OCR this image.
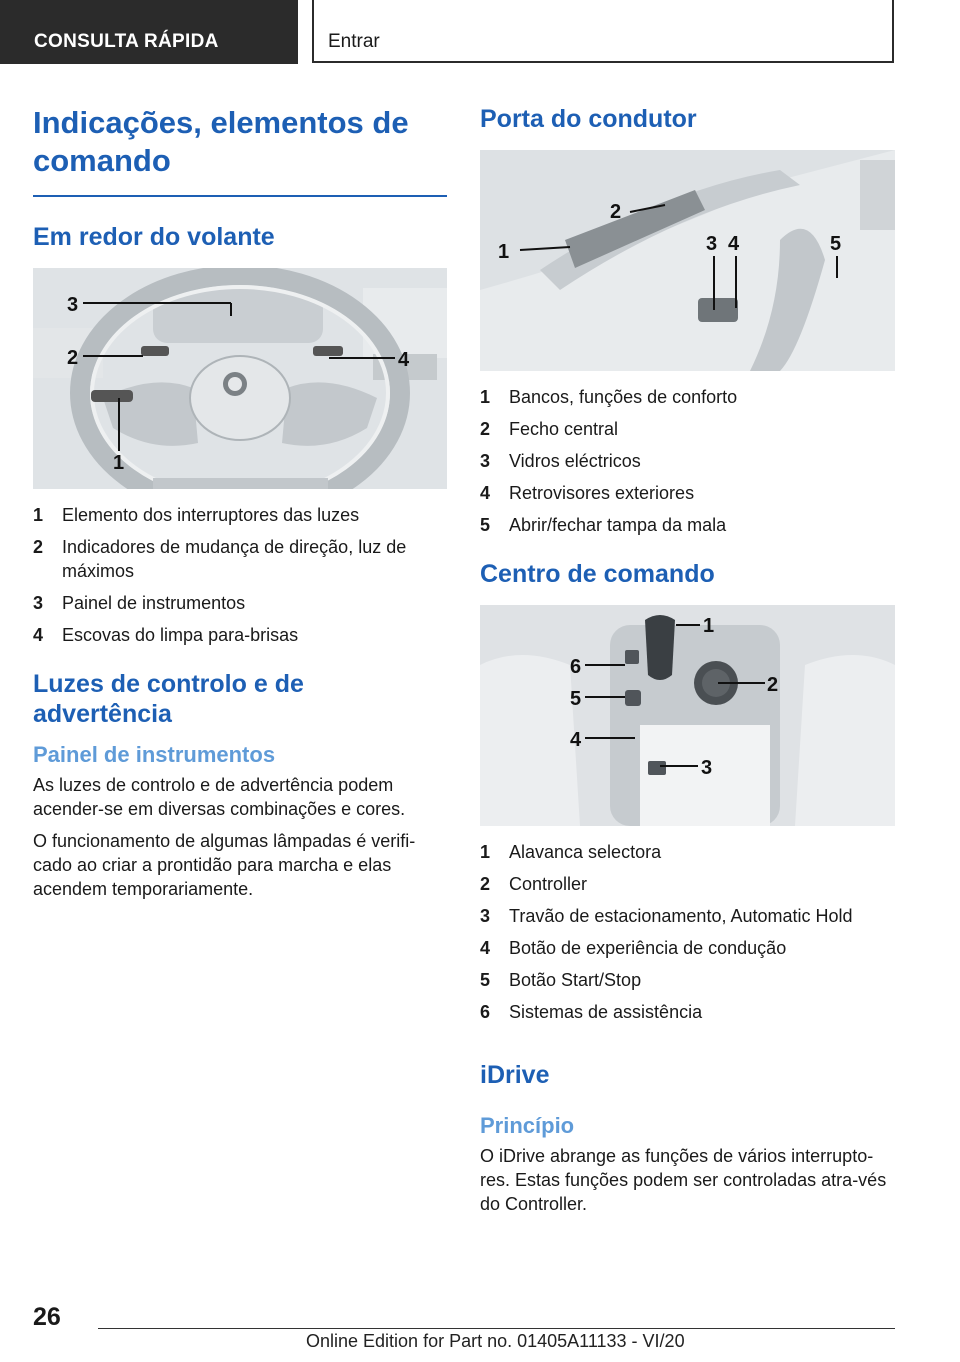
CONSULTA RÁPIDA	Entrar
Indicações, elementos de comando
Em redor do volante
3
2	4
1
1 Elemento dos interruptores das luzes
2 Indicadores de mudança de direção, luz de máximos
3 Painel de instrumentos
4 Escovas do limpa para-brisas
Luzes de controlo e de advertência
Painel de instrumentos

As luzes de controlo e de advertência podem acender-se em diversas combinações e cores.

O funcionamento de algumas lâmpadas é verifi-cado ao criar a prontidão para marcha e elas acendem temporariamente.

Porta do condutor
1
2
3 4	5
1 Bancos, funções de conforto
2 Fecho central
3 Vidros eléctricos
4 Retrovisores exteriores
5 Abrir/fechar tampa da mala
Centro de comando
1
2
3
4
5
6
1 Alavanca selectora
2 Controller
3 Travão de estacionamento, Automatic Hold
4 Botão de experiência de condução
5 Botão Start/Stop
6 Sistemas de assistência
iDrive
Princípio

O iDrive abrange as funções de vários interrupto-res. Estas funções podem ser controladas atra-vés do Controller.

26
Online Edition for Part no. 01405A11133 - VI/20
